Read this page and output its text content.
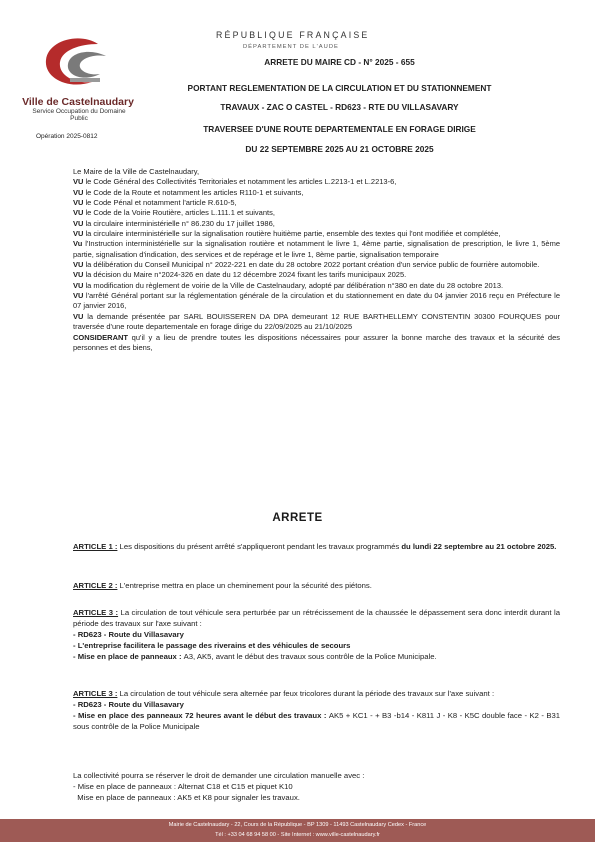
Ville de Castelnaudary
Service Occupation du Domaine Public
Opération 2025-0812
RÉPUBLIQUE FRANÇAISE
DÉPARTEMENT DE L'AUDE
ARRETE DU MAIRE CD - N° 2025 - 655
PORTANT REGLEMENTATION DE LA CIRCULATION ET DU STATIONNEMENT
TRAVAUX - ZAC O CASTEL - RD623 - RTE DU VILLASAVARY
TRAVERSEE D'UNE ROUTE DEPARTEMENTALE EN FORAGE DIRIGE
DU 22 SEPTEMBRE 2025 AU 21 OCTOBRE 2025

Le Maire de la Ville de Castelnaudary,

VU le Code Général des Collectivités Territoriales et notamment les articles L.2213-1 et L.2213-6,

VU le Code de la Route et notamment les articles R110-1 et suivants,

VU le Code Pénal et notamment l'article R.610-5,

VU le Code de la Voirie Routière, articles L.111.1 et suivants,

VU la circulaire interministérielle n° 86.230 du 17 juillet 1986,

VU la circulaire interministérielle sur la signalisation routière huitième partie, ensemble des textes qui l'ont modifiée et complétée,

Vu l'Instruction interministérielle sur la signalisation routière et notamment le livre 1, 4ème partie, signalisation de prescription, le livre 1, 5ème partie, signalisation d'indication, des services et de repérage et le livre 1, 8ème partie, signalisation temporaire

VU la délibération du Conseil Municipal n° 2022-221 en date du 28 octobre 2022 portant création d'un service public de fourrière automobile.

VU la décision du Maire n°2024-326 en date du 12 décembre 2024 fixant les tarifs municipaux 2025.

VU la modification du règlement de voirie de la Ville de Castelnaudary, adopté par délibération n°380 en date du 28 octobre 2013.

VU l'arrêté Général portant sur la réglementation générale de la circulation et du stationnement en date du 04 janvier 2016 reçu en Préfecture le 07 janvier 2016,

VU la demande présentée par SARL BOUISSEREN DA DPA demeurant 12 RUE BARTHELLEMY CONSTENTIN 30300 FOURQUES pour traversée d'une route departementale en forage dirige du 22/09/2025 au 21/10/2025

CONSIDERANT qu'il y a lieu de prendre toutes les dispositions nécessaires pour assurer la bonne marche des travaux et la sécurité des personnes et des biens,

ARRETE

ARTICLE 1 : Les dispositions du présent arrêté s'appliqueront pendant les travaux programmés du lundi 22 septembre au 21 octobre 2025.

ARTICLE 2 : L'entreprise mettra en place un cheminement pour la sécurité des piétons.

ARTICLE 3 : La circulation de tout véhicule sera perturbée par un rétrécissement de la chaussée le dépassement sera donc interdit durant la période des travaux sur l'axe suivant :

- RD623 - Route du Villasavary

- L'entreprise facilitera le passage des riverains et des véhicules de secours

- Mise en place de panneaux : A3, AK5, avant le début des travaux sous contrôle de la Police Municipale.

ARTICLE 3 : La circulation de tout véhicule sera alternée par feux tricolores durant la période des travaux sur l'axe suivant :

- RD623 - Route du Villasavary

- Mise en place des panneaux 72 heures avant le début des travaux : AK5 + KC1 - + B3 -b14 - K811 J - K8 - K5C double face - K2 - B31 sous contrôle de la Police Municipale

La collectivité pourra se réserver le droit de demander une circulation manuelle avec :

- Mise en place de panneaux : Alternat C18 et C15 et piquet K10

Mise en place de panneaux : AK5 et K8 pour signaler les travaux.

Mairie de Castelnaudary - 22, Cours de la République - BP 1309 - 11493 Castelnaudary Cedex - France
Tél : +33 04 68 94 58 00 - Site Internet : www.ville-castelnaudary.fr
